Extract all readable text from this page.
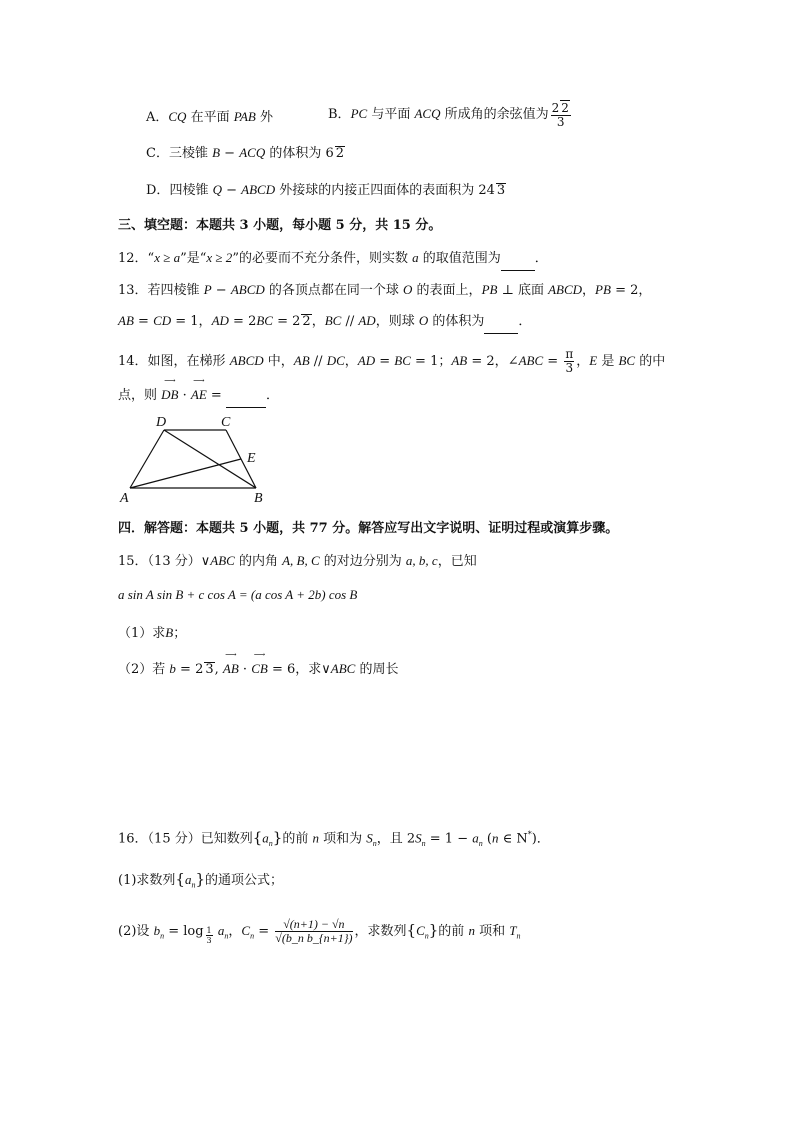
A．CQ 在平面 PAB 外	B．PC 与平面 ACQ 所成角的余弦值为 $\frac{2 2}{3}$
C．三棱锥 B − ACQ 的体积为 6 2
D．四棱锥 Q − ABCD 外接球的内接正四面体的表面积为 24 3
三、填空题：本题共 3 小题，每小题 5 分，共 15 分。
12．“x ≥ a”是“x ≥ 2”的必要而不充分条件，则实数 a 的取值范围为	．
13．若四棱锥 P − ABCD 的各顶点都在同一个球 O 的表面上，PB ⊥ 底面 ABCD，PB = 2，
AB = CD = 1，AD = 2BC = 2 2，BC // AD，则球 O 的体积为	．
14．如图，在梯形 ABCD 中，AB // DC，AD = BC = 1；AB = 2，∠ABC = $\frac{\pi}{3}$ ，E 是 BC 的中
点，则 ⟶ DB · ⟶ AE =	．
A	B
C
D
E
四．解答题：本题共 5 小题，共 77 分。解答应写出文字说明、证明过程或演算步骤。
15．（13 分）∨ABC 的内角 A, B, C 的对边分别为 a, b, c，已知
a sin A sin B + c cos A = (a cos A + 2b) cos B
（1）求B；
（2）若 b = 2 3, ⟶ AB · ⟶ CB = 6，求∨ABC 的周长
16．（15 分）已知数列$\{a_n\}$的前 n 项和为 $S_n$，且 $2S_n = 1 - a_n$ (n ∈ N*)．
(1)求数列$\{a_n\}$的通项公式；
(2)设 $b_n = \log \frac{1}{3} a_n$，$C_n = \frac{√(n+1) - √n}{\text{√(b\_n b\_\{n+1\})}}$ ，求数列$\{C_n\}$的前 n 项和 $T_n$
